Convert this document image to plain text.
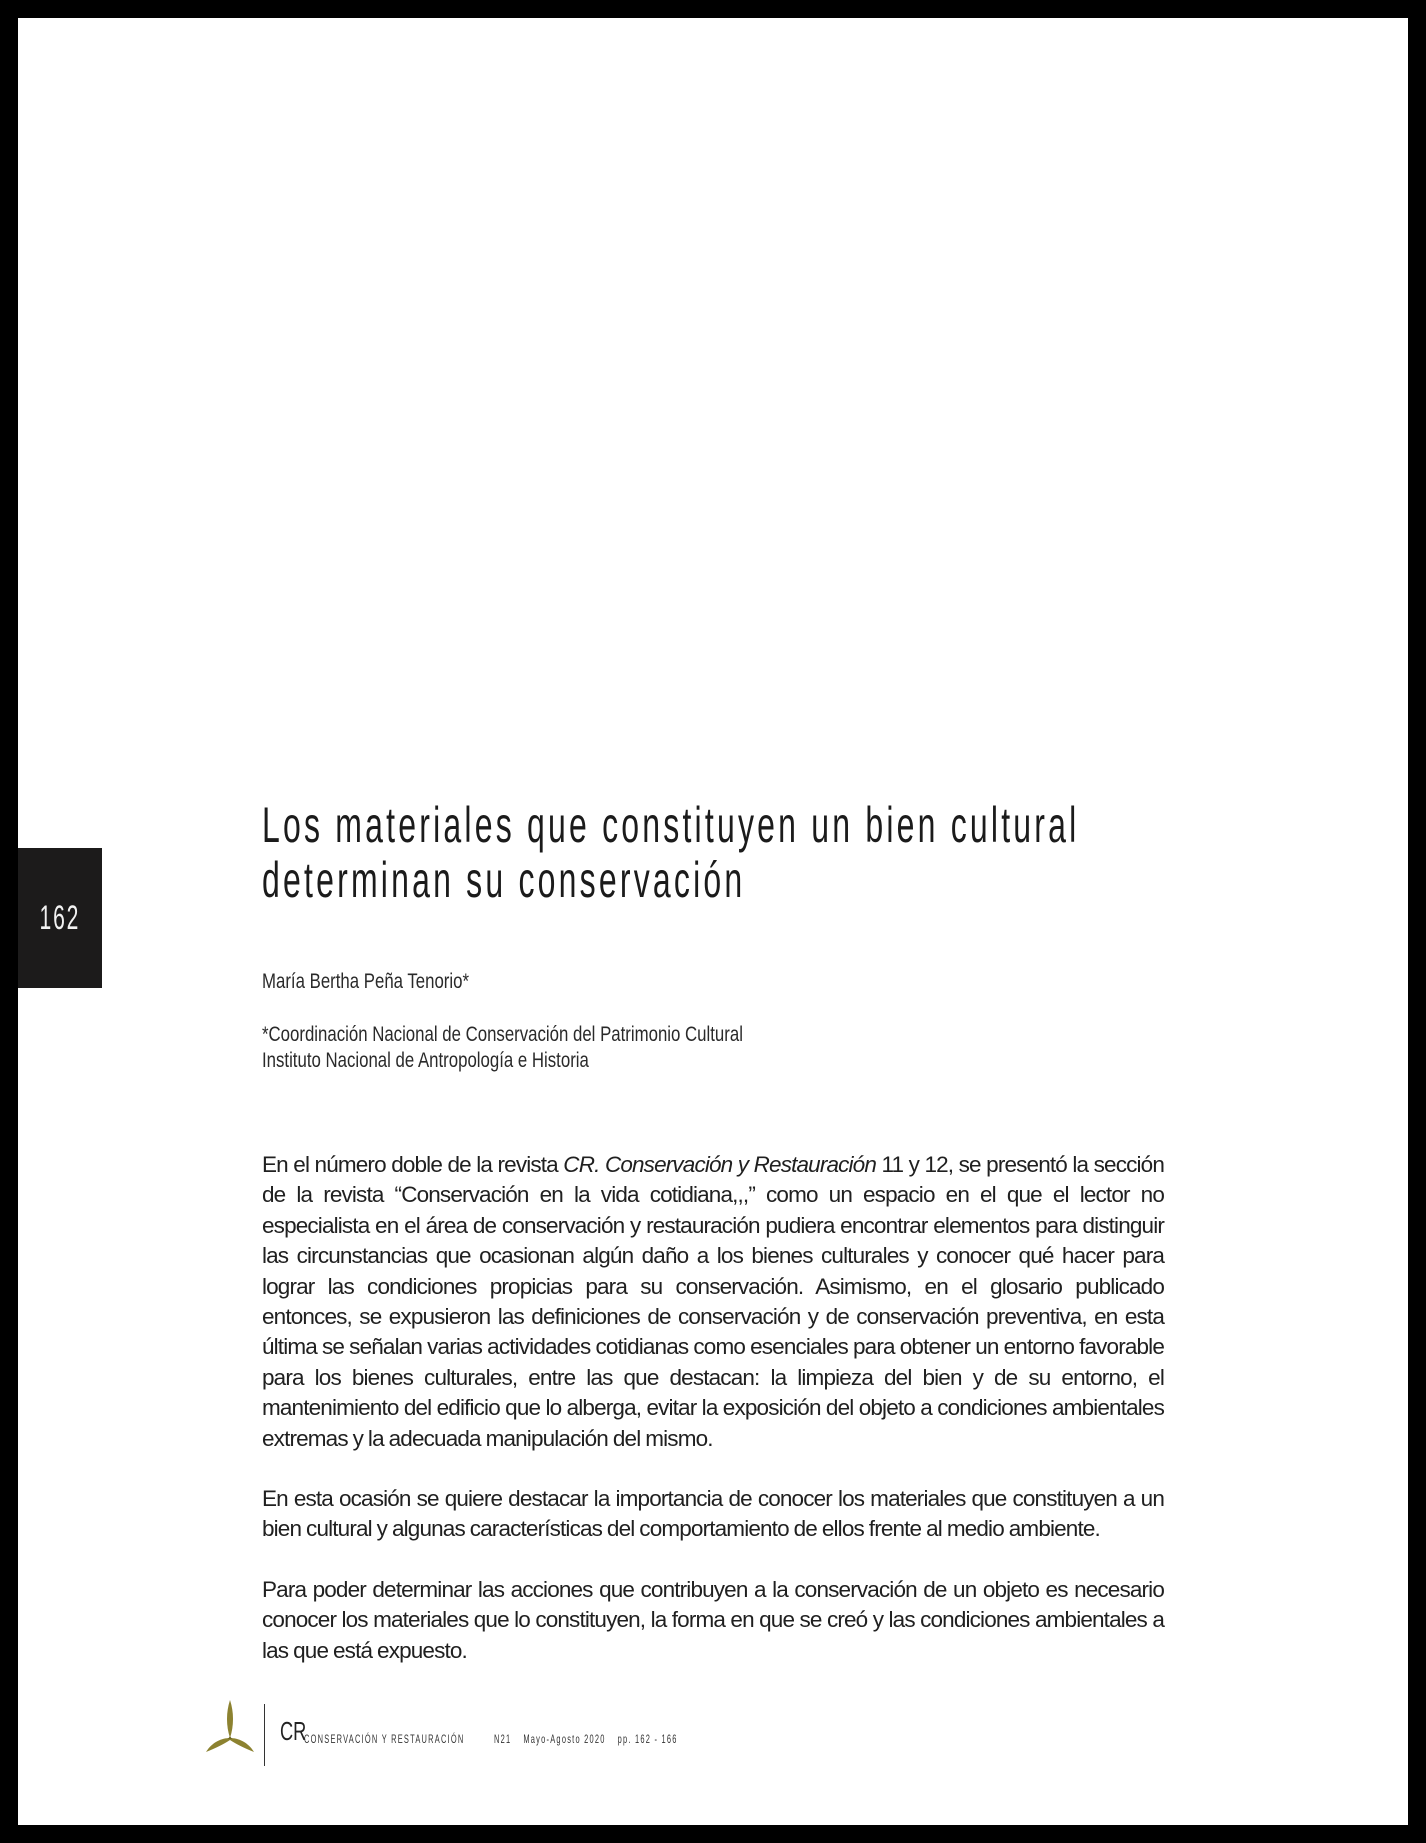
162
Los materiales que constituyen un bien cultural
determinan su conservación
María Bertha Peña Tenorio*
*Coordinación Nacional de Conservación del Patrimonio Cultural
Instituto Nacional de Antropología e Historia

En el número doble de la revista CR. Conservación y Restauración 11 y 12, se presentó la sección de la revista “Conservación en la vida cotidiana,,,” como un espacio en el que el lector no especialista en el área de conservación y restauración pudiera encontrar elementos para distinguir las circunstancias que ocasionan algún daño a los bienes culturales y conocer qué hacer para lograr las condiciones propicias para su conservación. Asimismo, en el glosario publicado entonces, se expusieron las definiciones de conservación y de conservación preventiva, en esta última se señalan varias actividades cotidianas como esenciales para obtener un entorno favorable para los bienes culturales, entre las que destacan: la limpieza del bien y de su entorno, el mantenimiento del edificio que lo alberga, evitar la exposición del objeto a condiciones ambientales extremas y la adecuada manipulación del mismo.

En esta ocasión se quiere destacar la importancia de conocer los materiales que constituyen a un bien cultural y algunas características del comportamiento de ellos frente al medio ambiente.

Para poder determinar las acciones que contribuyen a la conservación de un objeto es necesario conocer los materiales que lo constituyen, la forma en que se creó y las condiciones ambientales a las que está expuesto.

CR
CONSERVACIÓN Y RESTAURACIÓN N21 Mayo-Agosto 2020 pp. 162 - 166
